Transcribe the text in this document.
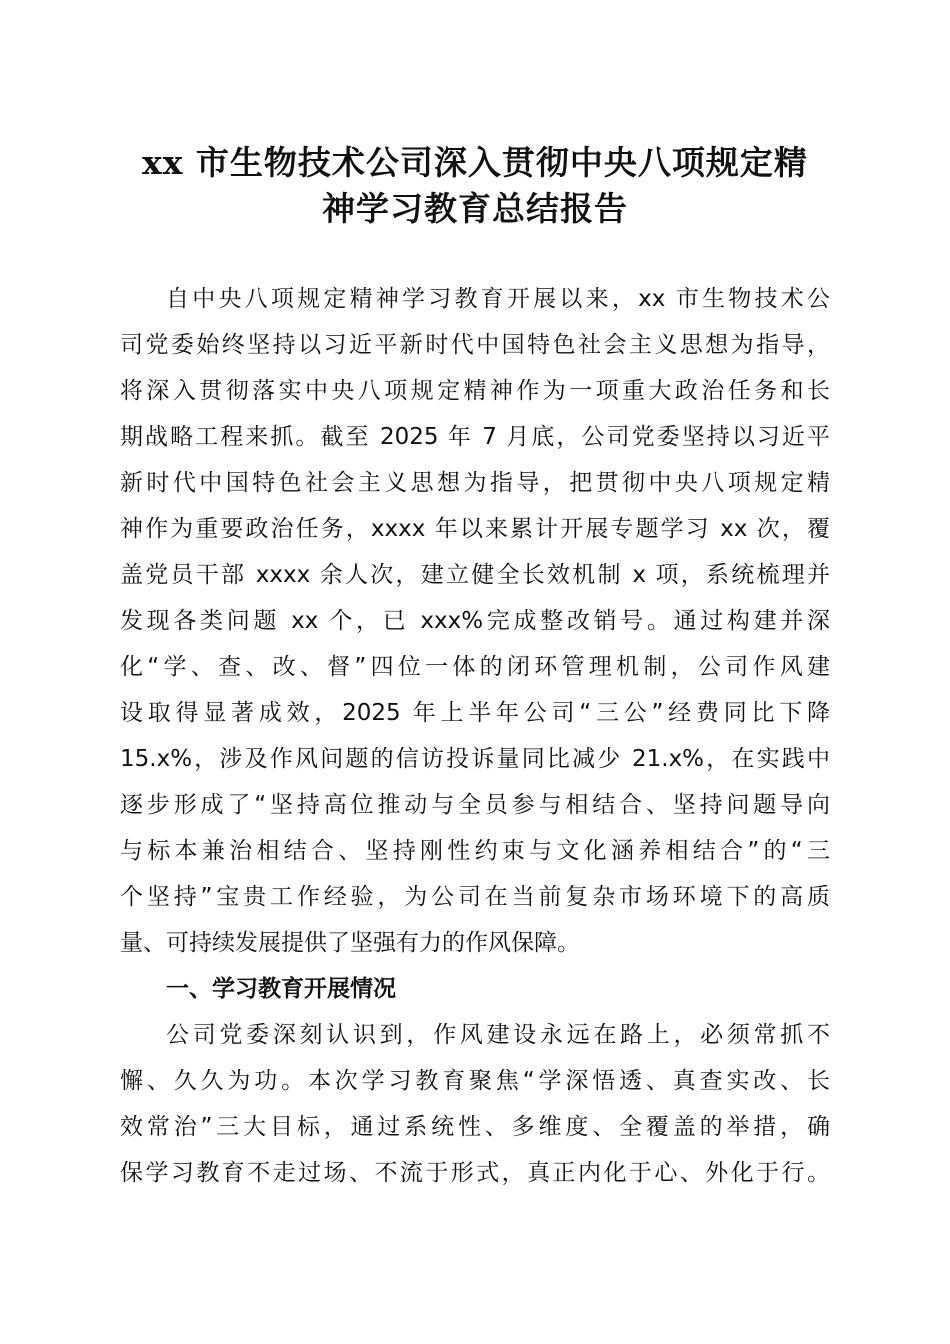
xx 市生物技术公司深入贯彻中央八项规定精
神学习教育总结报告
自中央八项规定精神学习教育开展以来，xx 市生物技术公
司党委始终坚持以习近平新时代中国特色社会主义思想为指导，
将深入贯彻落实中央八项规定精神作为一项重大政治任务和长
期战略工程来抓。截至 2025 年 7 月底，公司党委坚持以习近平
新时代中国特色社会主义思想为指导，把贯彻中央八项规定精
神作为重要政治任务，xxxx 年以来累计开展专题学习 xx 次，覆
盖党员干部 xxxx 余人次，建立健全长效机制 x 项，系统梳理并
发现各类问题 xx 个，已 xxx%完成整改销号。通过构建并深
化“学、查、改、督”四位一体的闭环管理机制，公司作风建
设取得显著成效，2025 年上半年公司“三公”经费同比下降
15.x%，涉及作风问题的信访投诉量同比减少 21.x%，在实践中
逐步形成了“坚持高位推动与全员参与相结合、坚持问题导向
与标本兼治相结合、坚持刚性约束与文化涵养相结合”的“三
个坚持”宝贵工作经验，为公司在当前复杂市场环境下的高质
量、可持续发展提供了坚强有力的作风保障。
一、学习教育开展情况
公司党委深刻认识到，作风建设永远在路上，必须常抓不
懈、久久为功。本次学习教育聚焦“学深悟透、真查实改、长
效常治”三大目标，通过系统性、多维度、全覆盖的举措，确
保学习教育不走过场、不流于形式，真正内化于心、外化于行。
